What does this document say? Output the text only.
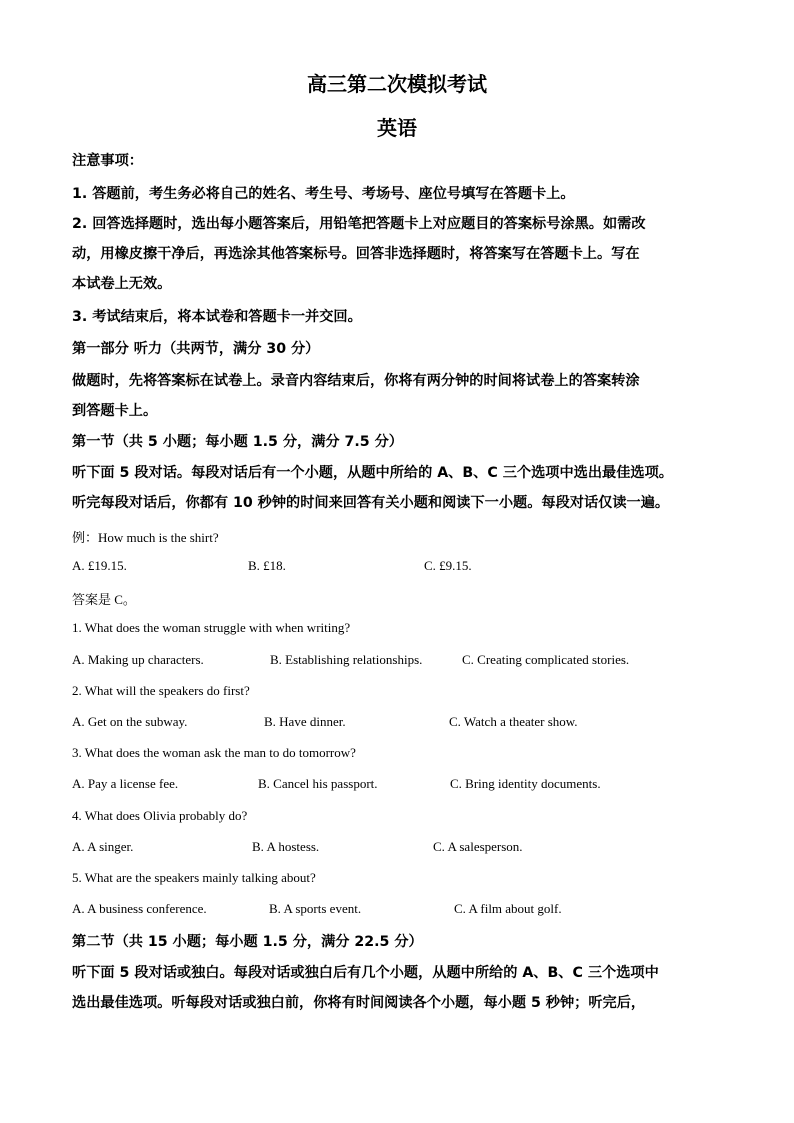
高三第二次模拟考试
英语
注意事项：
1. 答题前，考生务必将自己的姓名、考生号、考场号、座位号填写在答题卡上。
2. 回答选择题时，选出每小题答案后，用铅笔把答题卡上对应题目的答案标号涂黑。如需改
动，用橡皮擦干净后，再选涂其他答案标号。回答非选择题时，将答案写在答题卡上。写在
本试卷上无效。
3. 考试结束后，将本试卷和答题卡一并交回。
第一部分 听力（共两节，满分 30 分）
做题时，先将答案标在试卷上。录音内容结束后，你将有两分钟的时间将试卷上的答案转涂
到答题卡上。
第一节（共 5 小题；每小题 1.5 分，满分 7.5 分）
听下面 5 段对话。每段对话后有一个小题，从题中所给的 A、B、C 三个选项中选出最佳选项。
听完每段对话后，你都有 10 秒钟的时间来回答有关小题和阅读下一小题。每段对话仅读一遍。
例：How much is the shirt?
A. £19.15.	B. £18.	C. £9.15.
答案是 C。
1. What does the woman struggle with when writing?
A. Making up characters.	B. Establishing relationships.	C. Creating complicated stories.
2. What will the speakers do first?
A. Get on the subway.	B. Have dinner.	C. Watch a theater show.
3. What does the woman ask the man to do tomorrow?
A. Pay a license fee.	B. Cancel his passport.	C. Bring identity documents.
4. What does Olivia probably do?
A. A singer.	B. A hostess.	C. A salesperson.
5. What are the speakers mainly talking about?
A. A business conference.	B. A sports event.	C. A film about golf.
第二节（共 15 小题；每小题 1.5 分，满分 22.5 分）
听下面 5 段对话或独白。每段对话或独白后有几个小题，从题中所给的 A、B、C 三个选项中
选出最佳选项。听每段对话或独白前，你将有时间阅读各个小题，每小题 5 秒钟；听完后，
